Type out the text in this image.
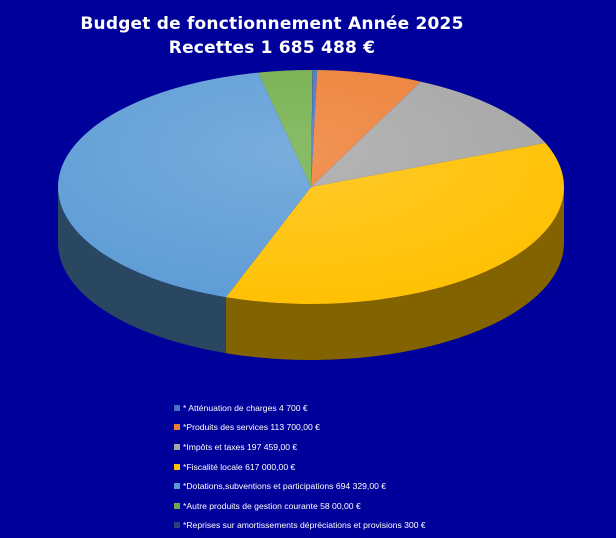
Budget de fonctionnement Année 2025
Recettes 1 685 488 €
* Atténuation de charges 4 700 €
*Produits des services 113 700,00 €
*Impôts et taxes 197 459,00 €
*Fiscalité locale 617 000,00 €
*Dotations,subventions et participations 694 329,00 €
*Autre produits de gestion courante 58 00,00 €
*Reprises sur amortissements dépréciations et provisions 300 €
